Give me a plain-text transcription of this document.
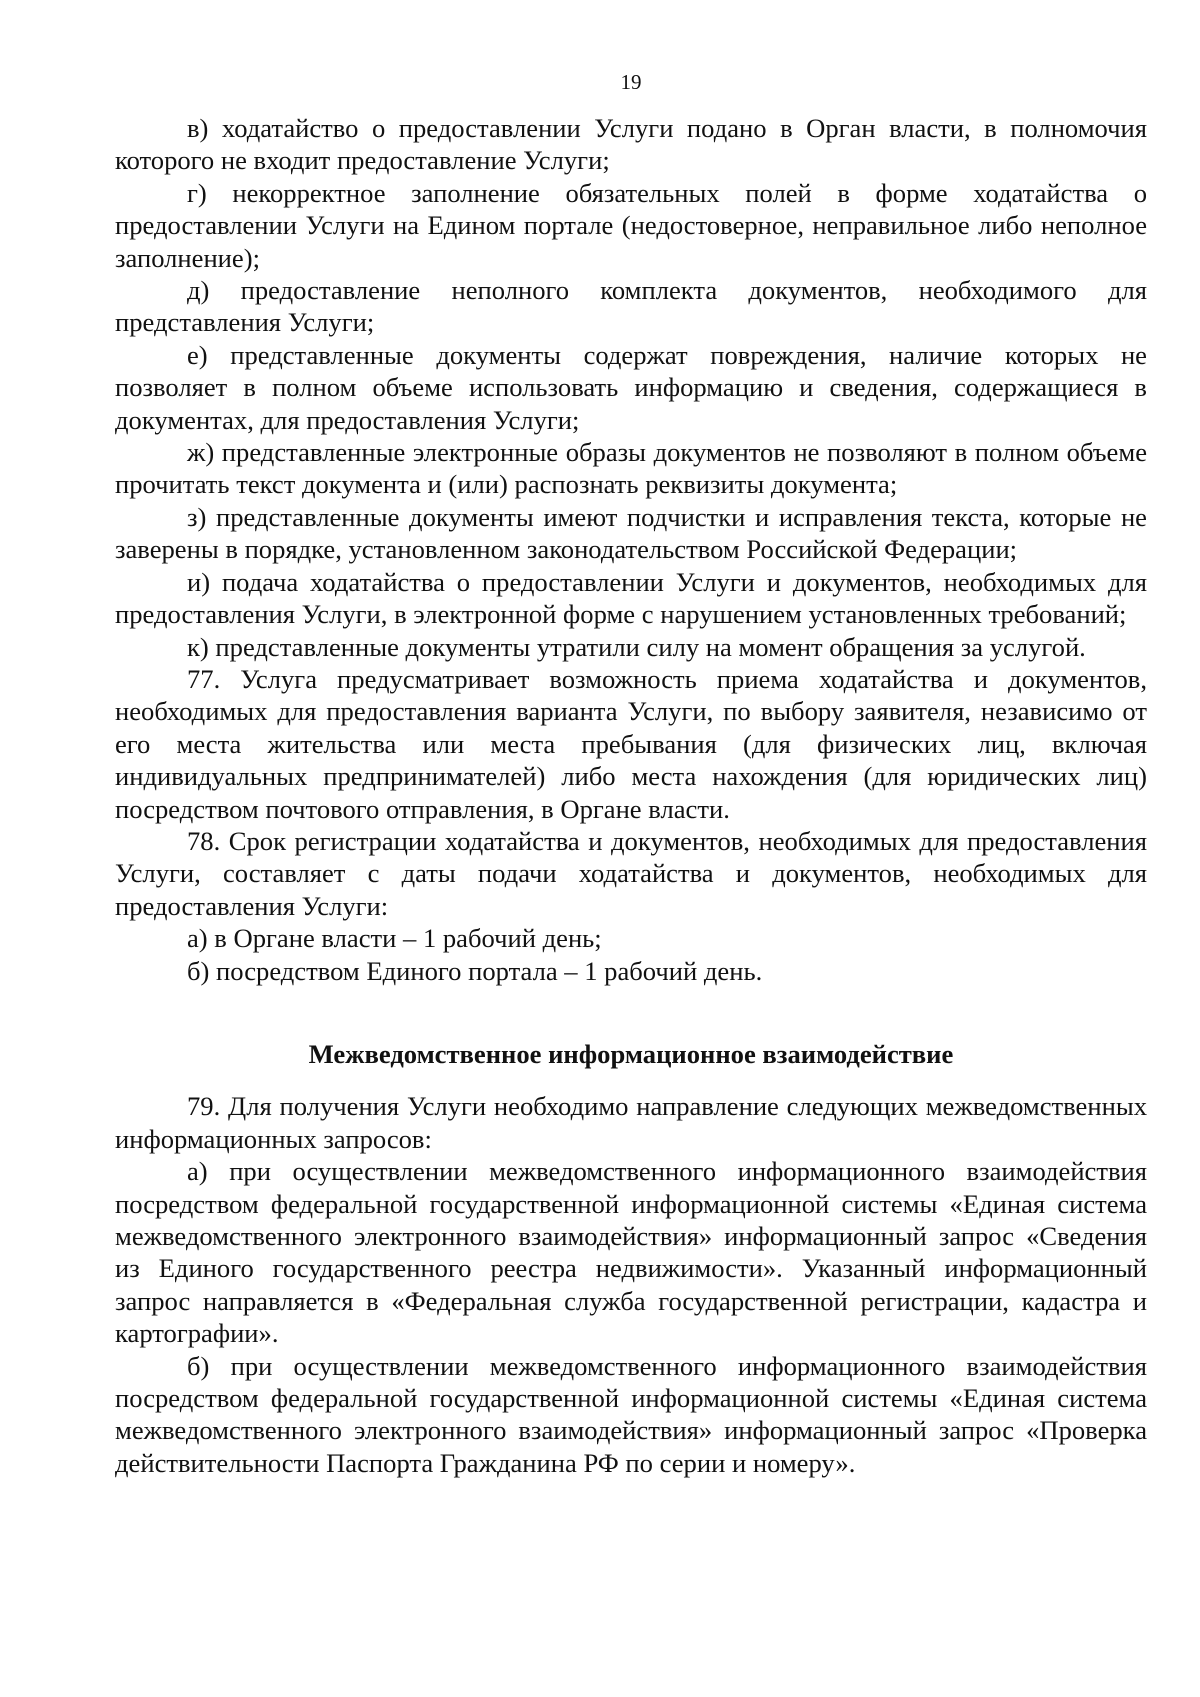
19

в) ходатайство о предоставлении Услуги подано в Орган власти, в полномочия которого не входит предоставление Услуги;

г) некорректное заполнение обязательных полей в форме ходатайства о предоставлении Услуги на Едином портале (недостоверное, неправильное либо неполное заполнение);

д) предоставление неполного комплекта документов, необходимого для представления Услуги;

е) представленные документы содержат повреждения, наличие которых не позволяет в полном объеме использовать информацию и сведения, содержащиеся в документах, для предоставления Услуги;

ж) представленные электронные образы документов не позволяют в полном объеме прочитать текст документа и (или) распознать реквизиты документа;

з) представленные документы имеют подчистки и исправления текста, которые не заверены в порядке, установленном законодательством Российской Федерации;

и) подача ходатайства о предоставлении Услуги и документов, необходимых для предоставления Услуги, в электронной форме с нарушением установленных требований;

к) представленные документы утратили силу на момент обращения за услугой.

77. Услуга предусматривает возможность приема ходатайства и документов, необходимых для предоставления варианта Услуги, по выбору заявителя, независимо от его места жительства или места пребывания (для физических лиц, включая индивидуальных предпринимателей) либо места нахождения (для юридических лиц) посредством почтового отправления, в Органе власти.

78. Срок регистрации ходатайства и документов, необходимых для предоставления Услуги, составляет с даты подачи ходатайства и документов, необходимых для предоставления Услуги:

а) в Органе власти – 1 рабочий день;

б) посредством Единого портала – 1 рабочий день.

Межведомственное информационное взаимодействие

79. Для получения Услуги необходимо направление следующих межведомственных информационных запросов:

а) при осуществлении межведомственного информационного взаимодействия посредством федеральной государственной информационной системы «Единая система межведомственного электронного взаимодействия» информационный запрос «Сведения из Единого государственного реестра недвижимости». Указанный информационный запрос направляется в «Федеральная служба государственной регистрации, кадастра и картографии».

б) при осуществлении межведомственного информационного взаимодействия посредством федеральной государственной информационной системы «Единая система межведомственного электронного взаимодействия» информационный запрос «Проверка действительности Паспорта Гражданина РФ по серии и номеру».
